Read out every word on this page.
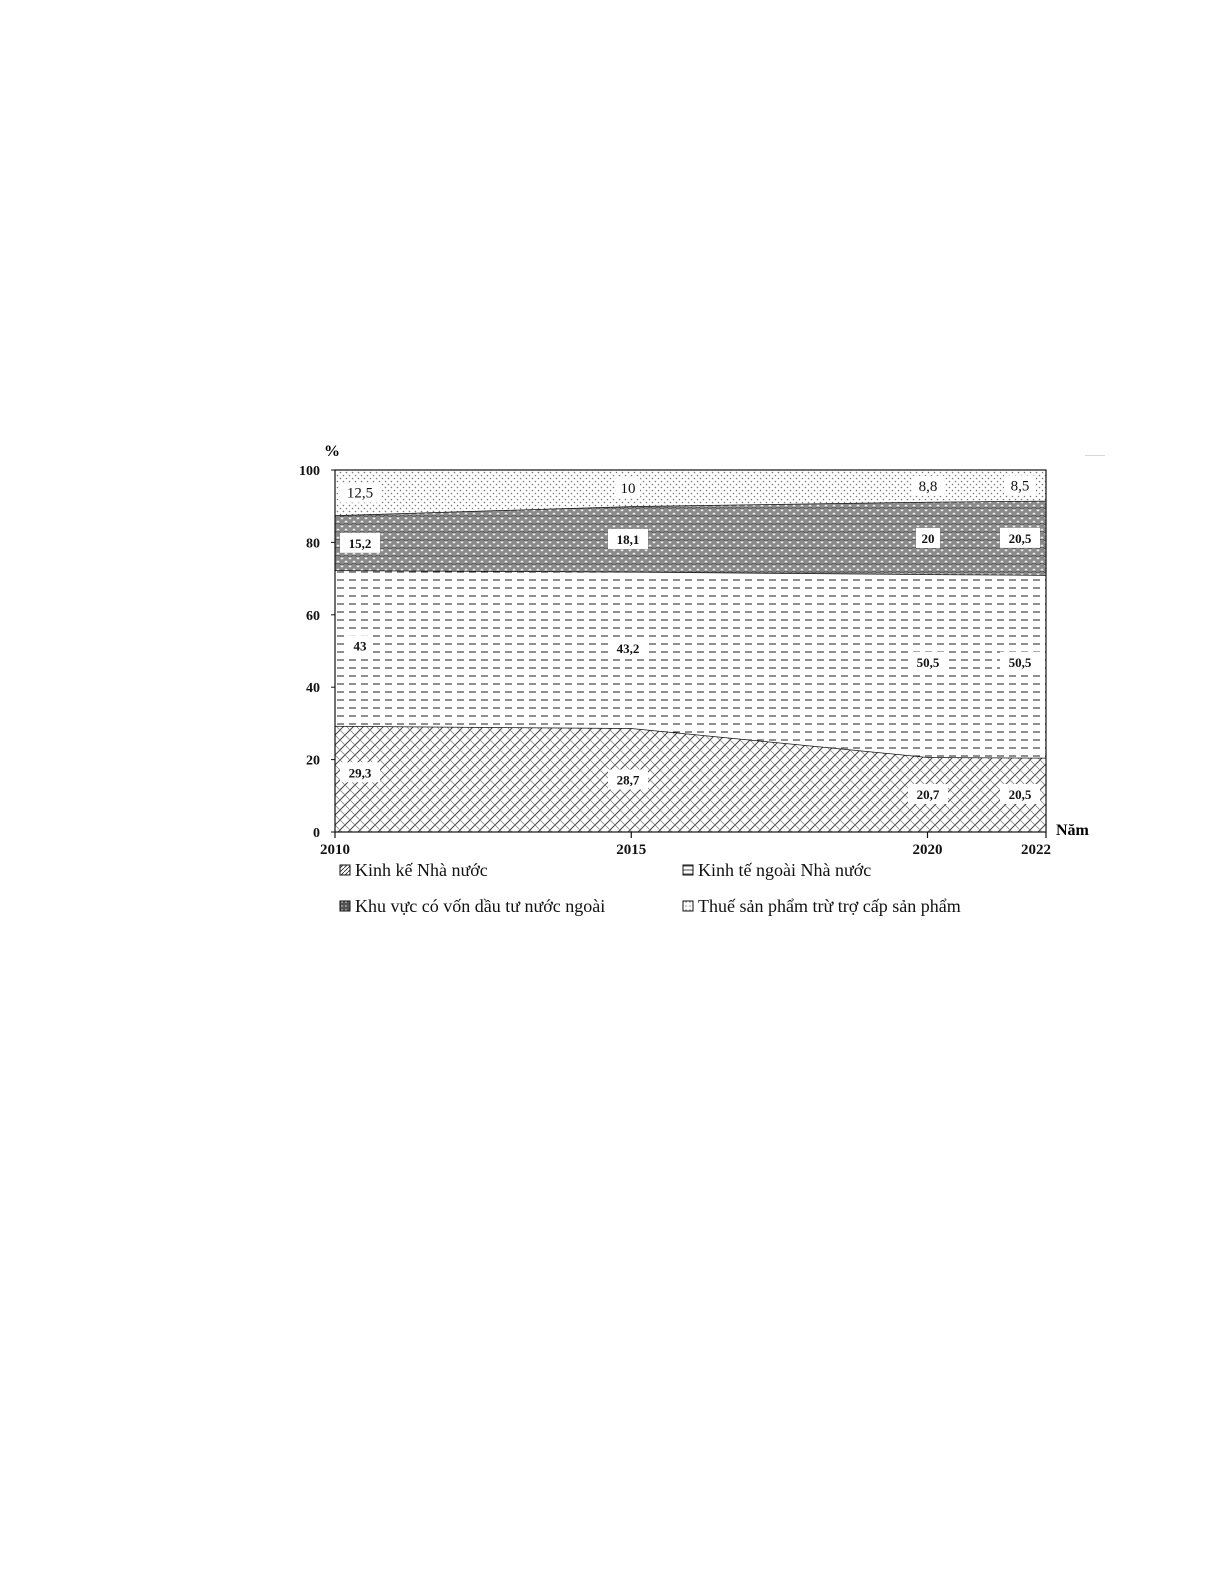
29,3	28,7
20,7	20,5
43	43,2
50,5	50,5
15,2	18,1	20	20,5
12,5	10	8,8	8,5
%
Năm
0
20
40
60
80
100
2010	2015	2020	2022
Kinh kế Nhà nước	Kinh tế ngoài Nhà nước
Khu vực có vốn dầu tư nước ngoài	Thuế sản phẩm trừ trợ cấp sản phẩm
